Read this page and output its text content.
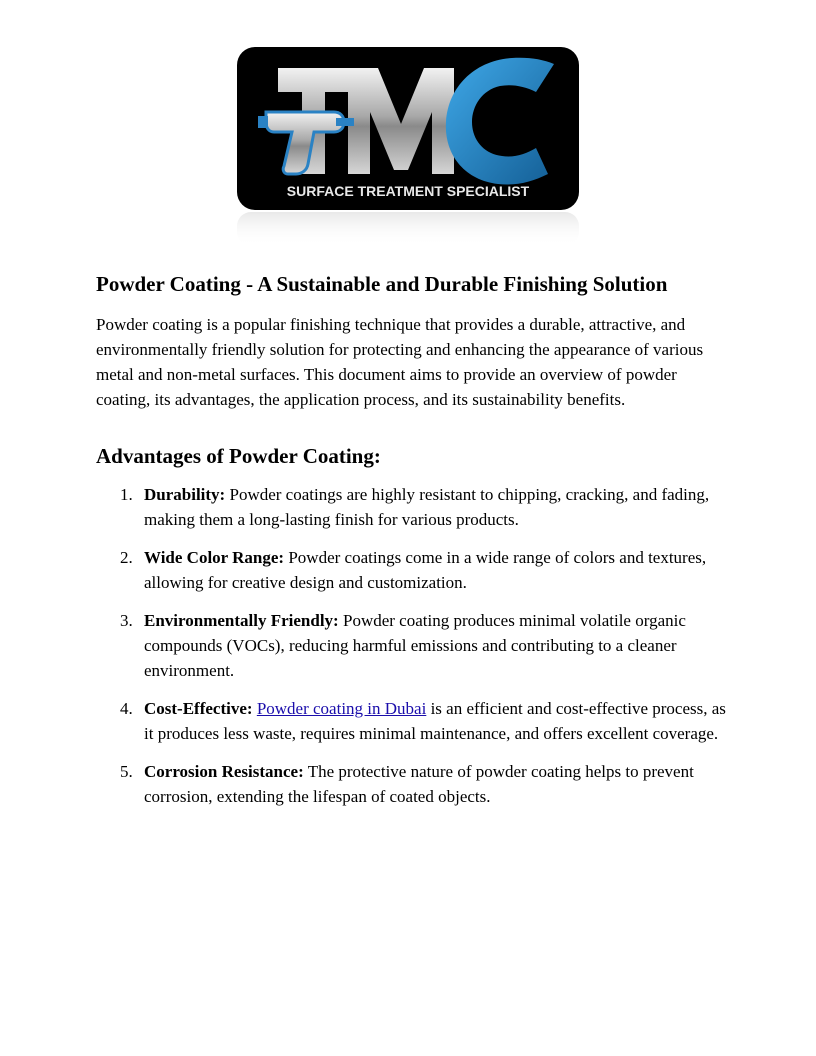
SURFACE TREATMENT SPECIALIST
Powder Coating - A Sustainable and Durable Finishing Solution

Powder coating is a popular finishing technique that provides a durable, attractive, and environmentally friendly solution for protecting and enhancing the appearance of various metal and non-metal surfaces. This document aims to provide an overview of powder coating, its advantages, the application process, and its sustainability benefits.

Advantages of Powder Coating:
1. Durability: Powder coatings are highly resistant to chipping, cracking, and fading, making them a long-lasting finish for various products.
2. Wide Color Range: Powder coatings come in a wide range of colors and textures, allowing for creative design and customization.
3. Environmentally Friendly: Powder coating produces minimal volatile organic compounds (VOCs), reducing harmful emissions and contributing to a cleaner environment.
4. Cost-Effective: Powder coating in Dubai is an efficient and cost-effective process, as it produces less waste, requires minimal maintenance, and offers excellent coverage.
5. Corrosion Resistance: The protective nature of powder coating helps to prevent corrosion, extending the lifespan of coated objects.
